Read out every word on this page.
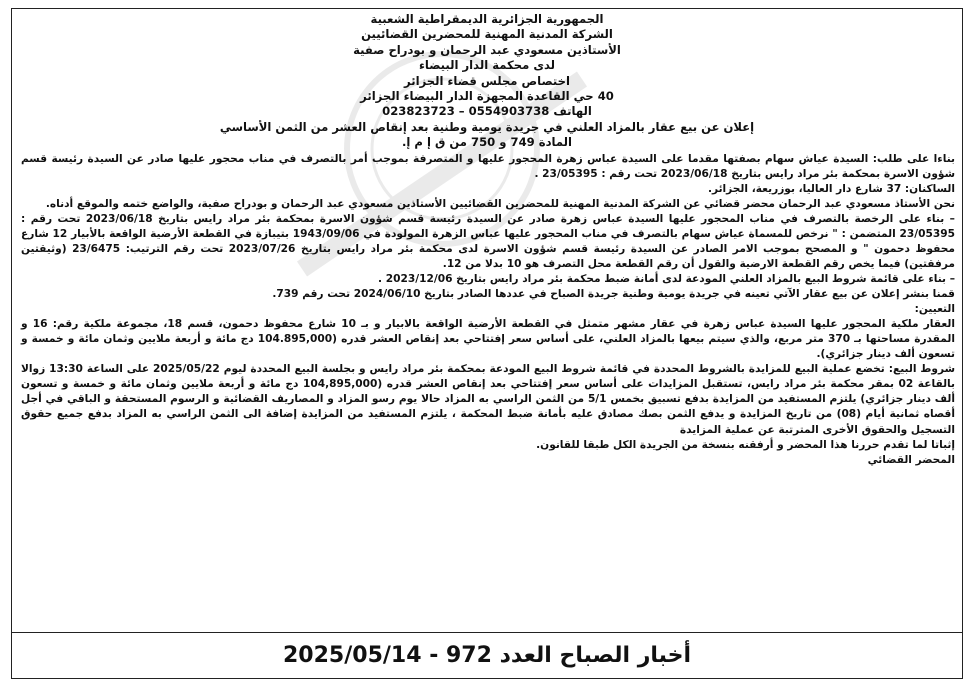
الجمهورية الجزائرية الديمقراطية الشعبية
الشركة المدنية المهنية للمحضرين القضائيين
الأستاذين مسعودي عبد الرحمان و بودراح صفية
لدى محكمة الدار البيضاء
اختصاص مجلس قضاء الجزائر
40 حي القاعدة المجهزة الدار البيضاء الجزائر
الهاتف 0554903738 – 023823723
إعلان عن بيع عقار بالمزاد العلني في جريدة يومية وطنية بعد إنقاص العشر من الثمن الأساسي
المادة 749 و 750 من ق إ م إ.

بناءا على طلب: السيدة عياش سهام بصفتها مقدما على السيدة عباس زهرة المحجور عليها و المتصرفة بموجب أمر بالتصرف في مناب محجور عليها صادر عن السيدة رئيسة قسم شؤون الاسرة بمحكمة بئر مراد رايس بتاريخ 2023/06/18 تحت رقم : 23/05395 .

الساكنان: 37 شارع دار العاليا، بوزريعة، الجزائر.

نحن الأستاذ مسعودي عبد الرحمان محضر قضائي عن الشركة المدنية المهنية للمحضرين القضائيين الأستاذين مسعودي عبد الرحمان و بودراح صفية، والواضع ختمه والموقع أدناه.

– بناء على الرخصة بالتصرف في مناب المحجور عليها السيدة عباس زهرة صادر عن السيدة رئيسة قسم شؤون الاسرة بمحكمة بئر مراد رايس بتاريخ 2023/06/18 تحت رقم : 23/05395 المتضمن : " نرخص للمسماة عياش سهام بالتصرف في مناب المحجور عليها عباس الزهرة المولودة في 1943/09/06 بتيبازة في القطعة الأرضية الواقعة بالأبيار 12 شارع محفوظ دحمون " و المصحح بموجب الامر الصادر عن السيدة رئيسة قسم شؤون الاسرة لدى محكمة بئر مراد رايس بتاريخ 2023/07/26 تحت رقم الترتيب: 23/6475 (وثيقتين مرفقتين) فيما يخص رقم القطعة الارضية والقول أن رقم القطعة محل التصرف هو 10 بدلا من 12.

– بناء على قائمة شروط البيع بالمزاد العلني المودعة لدى أمانة ضبط محكمة بئر مراد رايس بتاريخ 2023/12/06 .

قمنا بنشر إعلان عن بيع عقار الآتي تعينه في جريدة يومية وطنية جريدة الصباح في عددها الصادر بتاريخ 2024/06/10 تحت رقم 739.

التعيين:

العقار ملكية المحجور عليها السيدة عباس زهرة في عقار مشهر متمثل في القطعة الأرضية الواقعة بالابيار و بـ 10 شارع محفوظ دحمون، قسم 18، مجموعة ملكية رقم: 16 و المقدرة مساحتها بـ 370 متر مربع، والذي سيتم بيعها بالمزاد العلني، على أساس سعر إفتتاحي بعد إنقاص العشر قدره (104.895,000 دج مائة و أربعة ملايين وثمان مائة و خمسة و تسعون ألف دينار جزائري).

شروط البيع: تخضع عملية البيع للمزايدة بالشروط المحددة في قائمة شروط البيع المودعة بمحكمة بئر مراد رايس و بجلسة البيع المحددة ليوم 2025/05/22 على الساعة 13:30 زوالا بالقاعة 02 بمقر محكمة بئر مراد رايس، تستقبل المزايدات على أساس سعر إفتتاحي بعد إنقاص العشر قدره (104,895,000 دج مائة و أربعة ملايين وثمان مائة و خمسة و تسعون ألف دينار جزائري) يلتزم المستفيد من المزايدة بدفع تسبيق بخمس 5/1 من الثمن الراسي به المزاد حالا يوم رسو المزاد و المصاريف القضائية و الرسوم المستحقة و الباقي في أجل أقصاه ثمانية أيام (08) من تاريخ المزايدة و يدفع الثمن بصك مصادق عليه بأمانة ضبط المحكمة ، يلتزم المستفيد من المزايدة إضافة الى الثمن الراسي به المزاد بدفع جميع حقوق التسجيل والحقوق الأخرى المترتبة عن عملية المزايدة

إثباتا لما تقدم حررنا هذا المحضر و أرفقنه بنسخة من الجريدة الكل طبقا للقانون.

المحضر القضائي

أخبار الصباح العدد 972 - 2025/05/14
